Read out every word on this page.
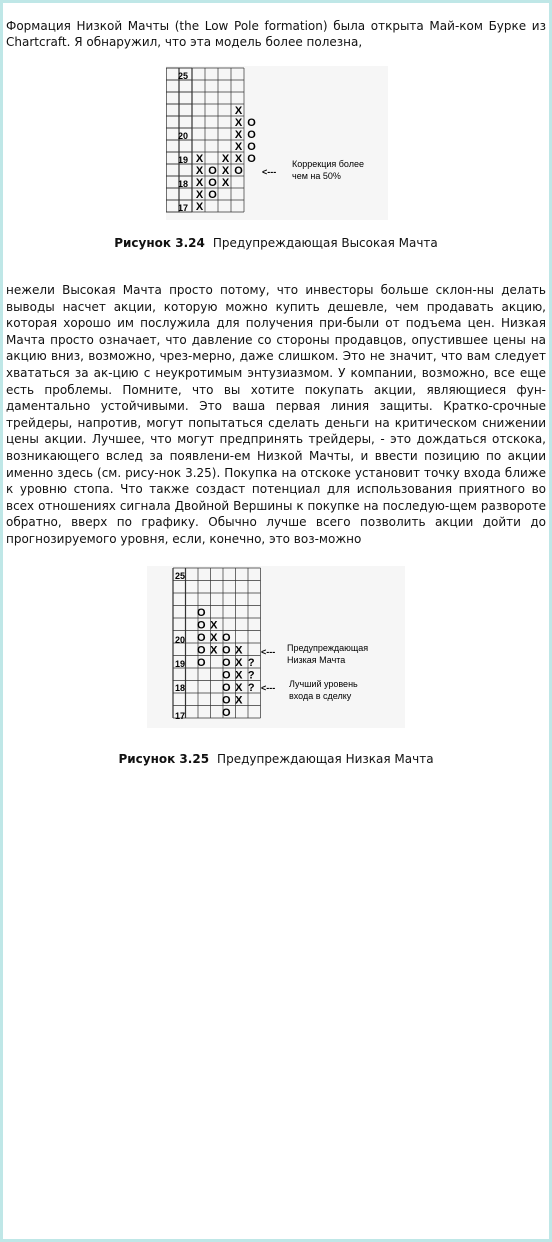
Формация Низкой Мачты (the Low Pole formation) была открыта Май-ком Бурке из Chartcraft. Я обнаружил, что эта модель более полезна,

X
X O
X O
X O
X X O
X
X O X O
X O X
X O
X
25
20
19
18
17
<---
Коррекция более
чем на 50%
Рисунок 3.24 Предупреждающая Высокая Мачта

нежели Высокая Мачта просто потому, что инвесторы больше склон-ны делать выводы насчет акции, которую можно купить дешевле, чем продавать акцию, которая хорошо им послужила для получения при-были от подъема цен. Низкая Мачта просто означает, что давление со стороны продавцов, опустившее цены на акцию вниз, возможно, чрез-мерно, даже слишком. Это не значит, что вам следует хвататься за ак-цию с неукротимым энтузиазмом. У компании, возможно, все еще есть проблемы. Помните, что вы хотите покупать акции, являющиеся фун-даментально устойчивыми. Это ваша первая линия защиты. Кратко-срочные трейдеры, напротив, могут попытаться сделать деньги на критическом снижении цены акции. Лучшее, что могут предпринять трейдеры, - это дождаться отскока, возникающего вслед за появлени-ем Низкой Мачты, и ввести позицию по акции именно здесь (см. рису-нок 3.25). Покупка на отскоке установит точку входа ближе к уровню стопа. Что также создаст потенциал для использования приятного во всех отношениях сигнала Двойной Вершины к покупке на последую-щем развороте обратно, вверх по графику. Обычно лучше всего позволить акции дойти до прогнозируемого уровня, если, конечно, это воз-можно

O
O X
O X O
O X O X
O O X ?
O X ?
O X ?
O X
O
25
20
19
18
17
<--- Предупреждающая
Низкая Мачта
<--- Лучший уровень
входа в сделку
Рисунок 3.25 Предупреждающая Низкая Мачта
